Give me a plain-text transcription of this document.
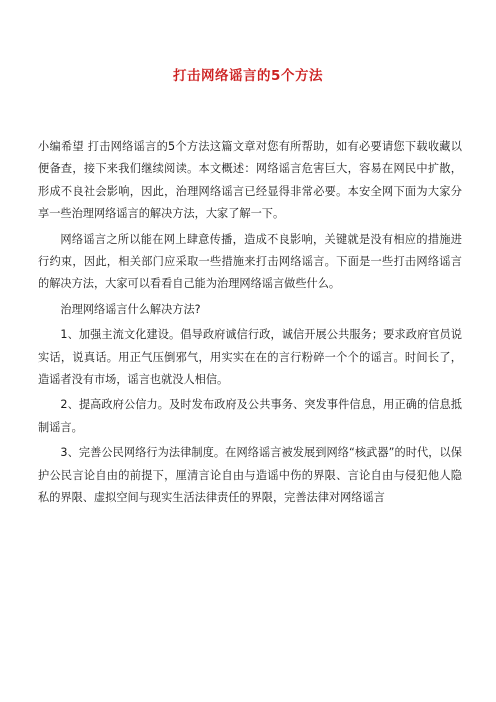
打击网络谣言的5个方法

小编希望 打击网络谣言的5个方法这篇文章对您有所帮助，如有必要请您下载收藏以便备查，接下来我们继续阅读。本文概述：网络谣言危害巨大，容易在网民中扩散，形成不良社会影响，因此，治理网络谣言已经显得非常必要。本安全网下面为大家分享一些治理网络谣言的解决方法，大家了解一下。

网络谣言之所以能在网上肆意传播，造成不良影响，关键就是没有相应的措施进行约束，因此，相关部门应采取一些措施来打击网络谣言。下面是一些打击网络谣言的解决方法，大家可以看看自己能为治理网络谣言做些什么。

治理网络谣言什么解决方法?

1、加强主流文化建设。倡导政府诚信行政，诚信开展公共服务；要求政府官员说实话，说真话。用正气压倒邪气，用实实在在的言行粉碎一个个的谣言。时间长了，造谣者没有市场，谣言也就没人相信。

2、提高政府公信力。及时发布政府及公共事务、突发事件信息，用正确的信息抵制谣言。

3、完善公民网络行为法律制度。在网络谣言被发展到网络“核武器”的时代，以保护公民言论自由的前提下，厘清言论自由与造谣中伤的界限、言论自由与侵犯他人隐私的界限、虚拟空间与现实生活法律责任的界限，完善法律对网络谣言
